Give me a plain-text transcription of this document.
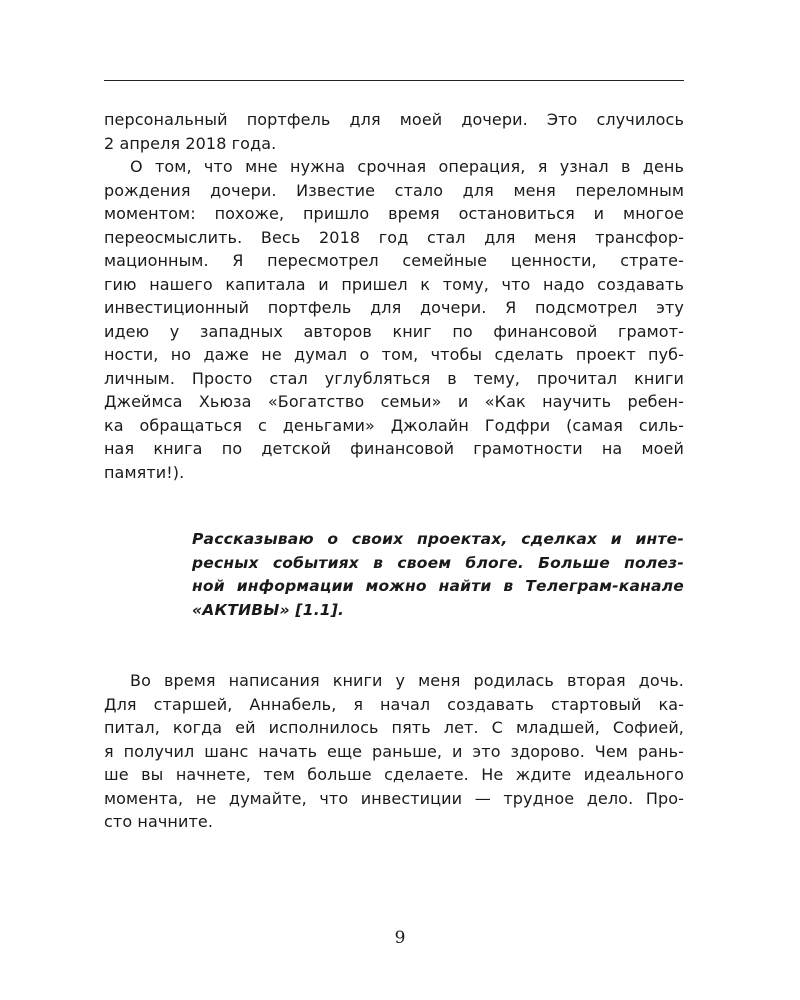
персональный портфель для моей дочери. Это случилось
2 апреля 2018 года.
О том, что мне нужна срочная операция, я узнал в день
рождения дочери. Известие стало для меня переломным
моментом: похоже, пришло время остановиться и многое
переосмыслить. Весь 2018 год стал для меня трансфор-
мационным. Я пересмотрел семейные ценности, страте-
гию нашего капитала и пришел к тому, что надо создавать
инвестиционный портфель для дочери. Я подсмотрел эту
идею у западных авторов книг по финансовой грамот-
ности, но даже не думал о том, чтобы сделать проект пуб-
личным. Просто стал углубляться в тему, прочитал книги
Джеймса Хьюза «Богатство семьи» и «Как научить ребен-
ка обращаться с деньгами» Джолайн Годфри (самая силь-
ная книга по детской финансовой грамотности на моей
памяти!).
Рассказываю о своих проектах, сделках и инте-
ресных событиях в своем блоге. Больше полез-
ной информации можно найти в Телеграм-канале
«АКТИВЫ» [1.1].
Во время написания книги у меня родилась вторая дочь.
Для старшей, Аннабель, я начал создавать стартовый ка-
питал, когда ей исполнилось пять лет. С младшей, Софией,
я получил шанс начать еще раньше, и это здорово. Чем рань-
ше вы начнете, тем больше сделаете. Не ждите идеального
момента, не думайте, что инвестиции — трудное дело. Про-
сто начните.
9
